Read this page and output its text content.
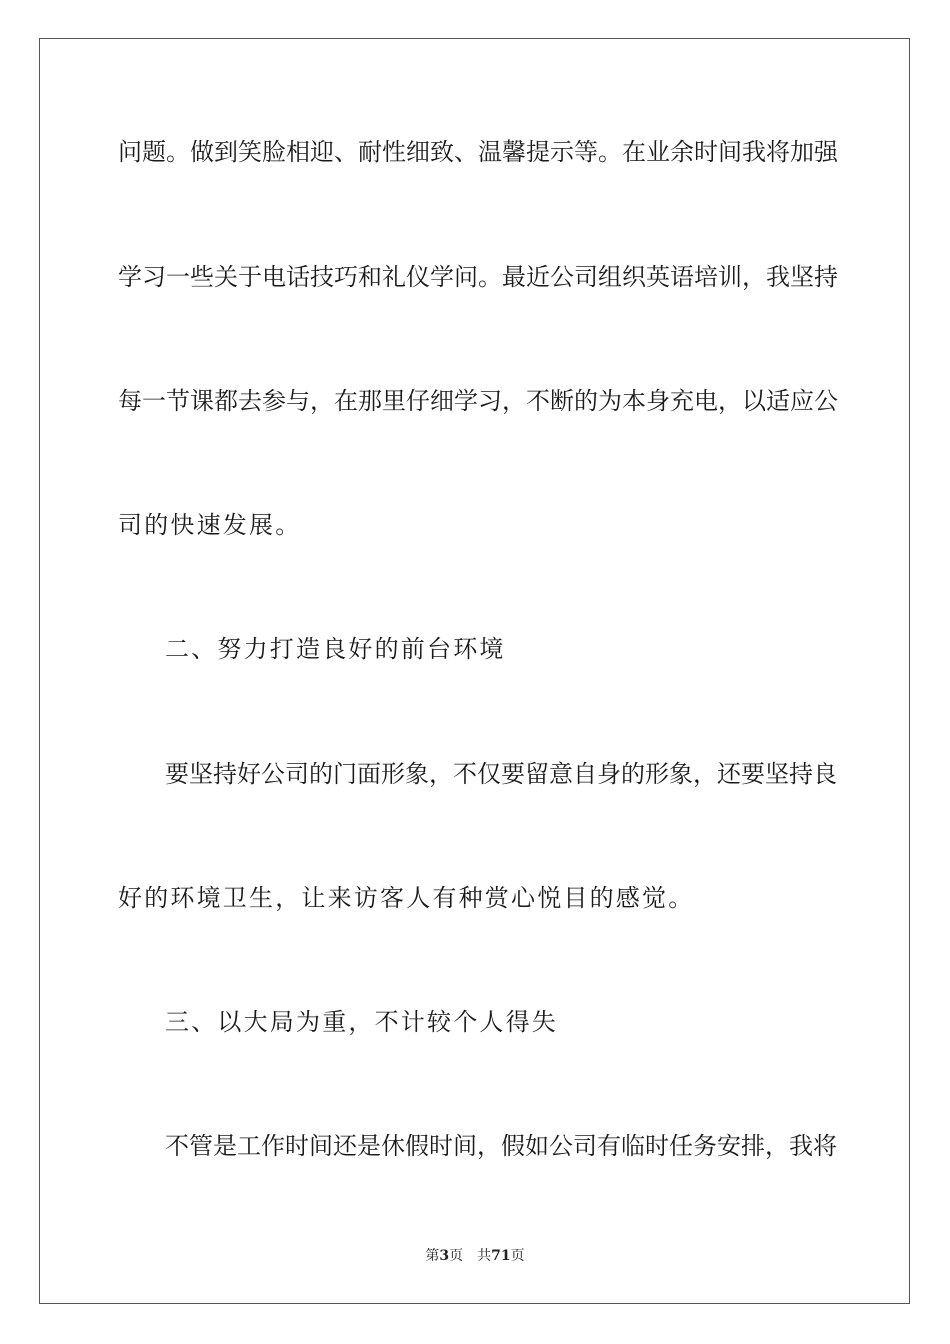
问题。做到笑脸相迎、耐性细致、温馨提示等。在业余时间我将加强
学习一些关于电话技巧和礼仪学问。最近公司组织英语培训，我坚持
每一节课都去参与，在那里仔细学习，不断的为本身充电，以适应公
司的快速发展。
二、努力打造良好的前台环境
要坚持好公司的门面形象，不仅要留意自身的形象，还要坚持良
好的环境卫生，让来访客人有种赏心悦目的感觉。
三、以大局为重，不计较个人得失
不管是工作时间还是休假时间，假如公司有临时任务安排，我将
第3页 共71页
